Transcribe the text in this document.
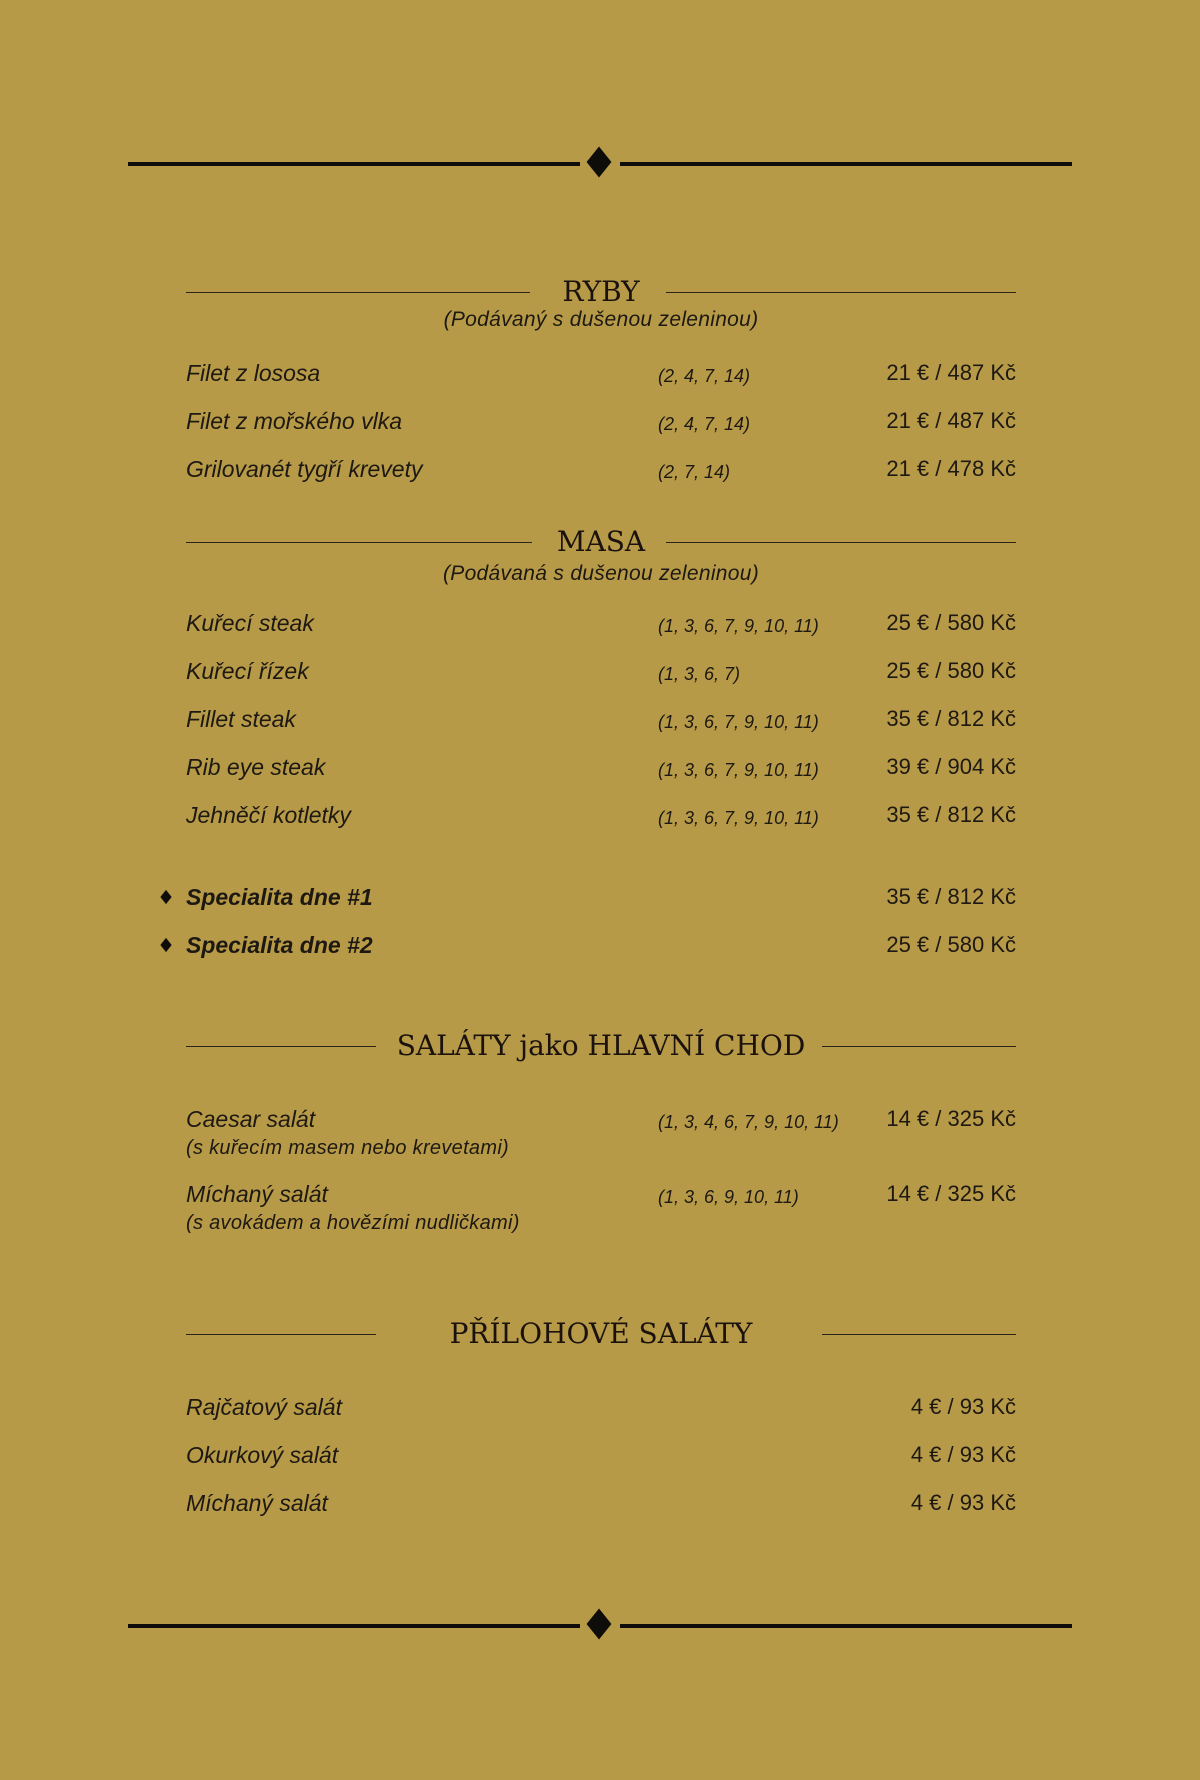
RYBY
(Podávaný s dušenou zeleninou)
Filet z lososa	(2, 4, 7, 14)	21 € / 487 Kč
Filet z mořského vlka	(2, 4, 7, 14)	21 € / 487 Kč
Grilovanét tygří krevety	(2, 7, 14)	21 € / 478 Kč
MASA
(Podávaná s dušenou zeleninou)
Kuřecí steak	(1, 3, 6, 7, 9, 10, 11)	25 € / 580 Kč
Kuřecí řízek	(1, 3, 6, 7)	25 € / 580 Kč
Fillet steak	(1, 3, 6, 7, 9, 10, 11)	35 € / 812 Kč
Rib eye steak	(1, 3, 6, 7, 9, 10, 11)	39 € / 904 Kč
Jehněčí kotletky	(1, 3, 6, 7, 9, 10, 11)	35 € / 812 Kč
Specialita dne #1	35 € / 812 Kč
Specialita dne #2	25 € / 580 Kč
SALÁTY jako HLAVNÍ CHOD
Caesar salát
(s kuřecím masem nebo krevetami)
(1, 3, 4, 6, 7, 9, 10, 11) 14 € / 325 Kč
Míchaný salát
(s avokádem a hovězími nudličkami)
(1, 3, 6, 9, 10, 11)	14 € / 325 Kč
PŘÍLOHOVÉ SALÁTY
Rajčatový salát	4 € / 93 Kč
Okurkový salát	4 € / 93 Kč
Míchaný salát	4 € / 93 Kč
